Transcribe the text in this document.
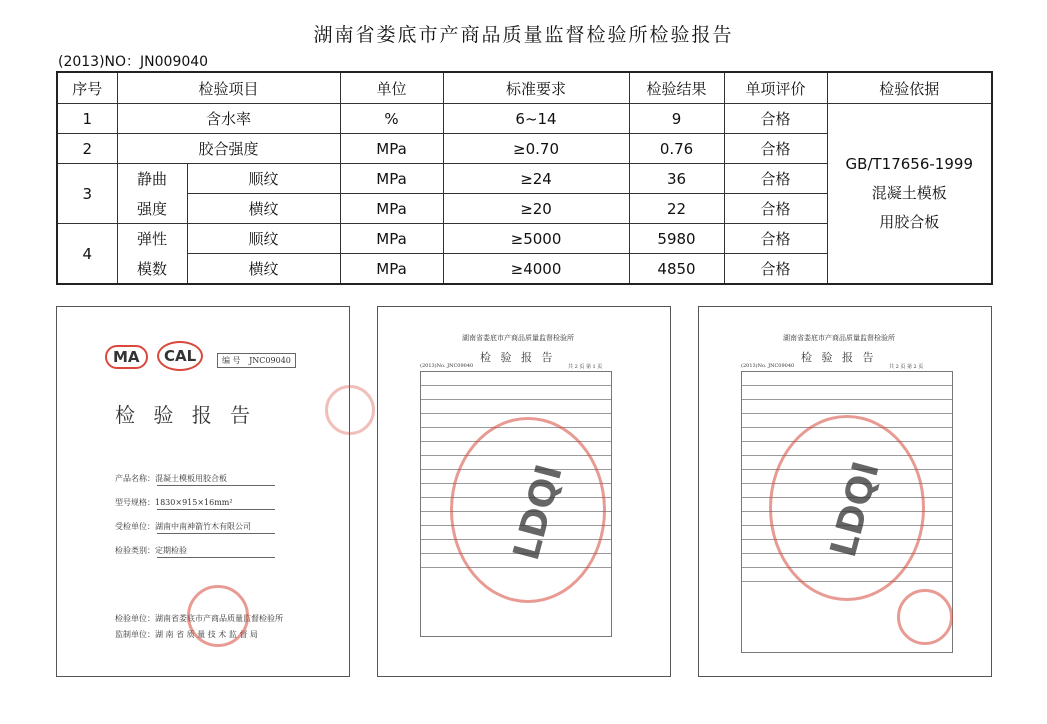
湖南省娄底市产商品质量监督检验所检验报告
(2013)NO：JN009040
序号	检验项目		单位	标准要求	检验结果	单项评价	检验依据
1	含水率		%	6~14	9	合格	GB/T17656-1999
混凝土模板
用胶合板

2	胶合强度		MPa	≥0.70	0.76	合格	
3	静曲	顺纹	MPa	≥24	36	合格	
	强度	横纹	MPa	≥20	22	合格	
4	弹性	顺纹	MPa	≥5000	5980	合格	
	模数	横纹	MPa	≥4000	4850	合格	
MA	CAL	编 号 JNC09040
检 验 报 告
产品名称：混凝土模板用胶合板
型号规格：1830×915×16mm²
受检单位：湖南中南神箭竹木有限公司
检验类别：定期检验
检验单位：湖南省娄底市产商品质量监督检验所
监制单位：湖 南 省 质 量 技 术 监 督 局
湖南省娄底市产商品质量监督检验所
检 验 报 告
(2013)No. JNC09040	共 2 页 第 1 页
LDQI
湖南省娄底市产商品质量监督检验所
检 验 报 告
(2013)No. JNC09040	共 2 页 第 2 页
LDQI
